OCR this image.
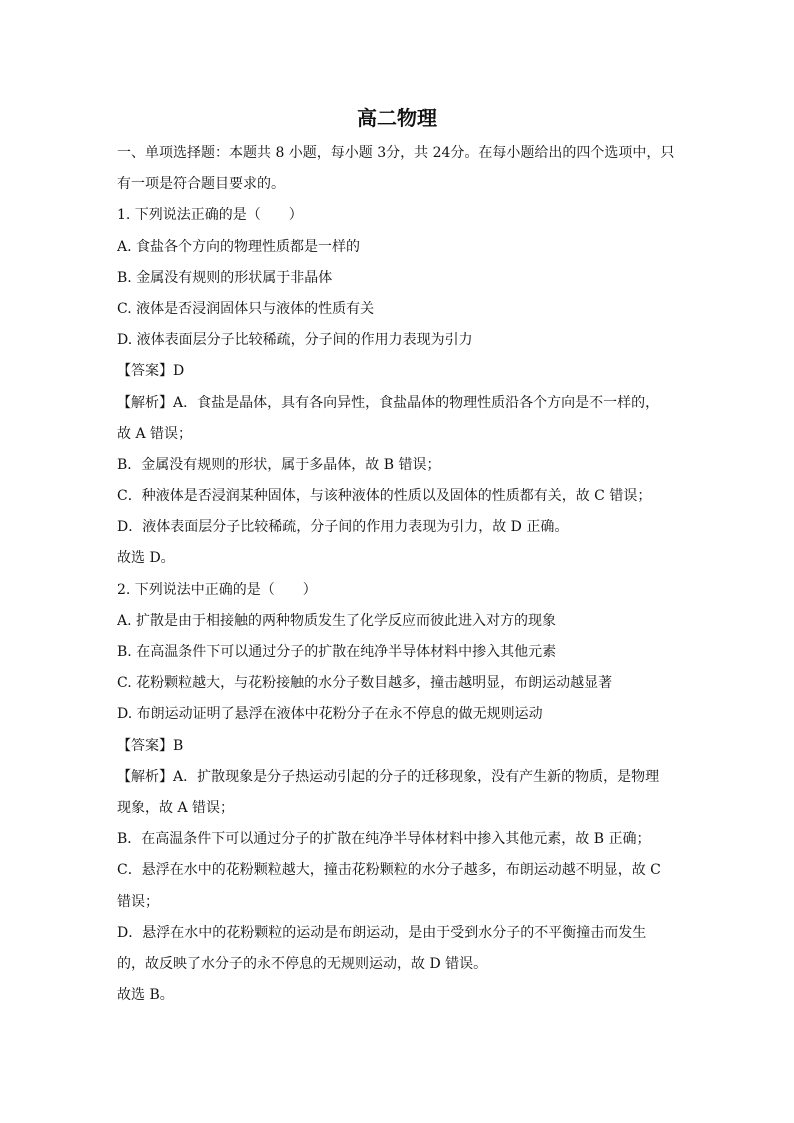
高二物理
一、单项选择题：本题共 8 小题，每小题 3分，共 24分。在每小题给出的四个选项中，只
有一项是符合题目要求的。
1. 下列说法正确的是（　　）
A. 食盐各个方向的物理性质都是一样的
B. 金属没有规则的形状属于非晶体
C. 液体是否浸润固体只与液体的性质有关
D. 液体表面层分子比较稀疏，分子间的作用力表现为引力
【答案】D
【解析】A．食盐是晶体，具有各向异性，食盐晶体的物理性质沿各个方向是不一样的，
故 A 错误；
B．金属没有规则的形状，属于多晶体，故 B 错误；
C．种液体是否浸润某种固体，与该种液体的性质以及固体的性质都有关，故 C 错误；
D．液体表面层分子比较稀疏，分子间的作用力表现为引力，故 D 正确。
故选 D。
2. 下列说法中正确的是（　　）
A. 扩散是由于相接触的两种物质发生了化学反应而彼此进入对方的现象
B. 在高温条件下可以通过分子的扩散在纯净半导体材料中掺入其他元素
C. 花粉颗粒越大，与花粉接触的水分子数目越多，撞击越明显，布朗运动越显著
D. 布朗运动证明了悬浮在液体中花粉分子在永不停息的做无规则运动
【答案】B
【解析】A．扩散现象是分子热运动引起的分子的迁移现象，没有产生新的物质，是物理
现象，故 A 错误；
B．在高温条件下可以通过分子的扩散在纯净半导体材料中掺入其他元素，故 B 正确；
C．悬浮在水中的花粉颗粒越大，撞击花粉颗粒的水分子越多，布朗运动越不明显，故 C
错误；
D．悬浮在水中的花粉颗粒的运动是布朗运动，是由于受到水分子的不平衡撞击而发生
的，故反映了水分子的永不停息的无规则运动，故 D 错误。
故选 B。
